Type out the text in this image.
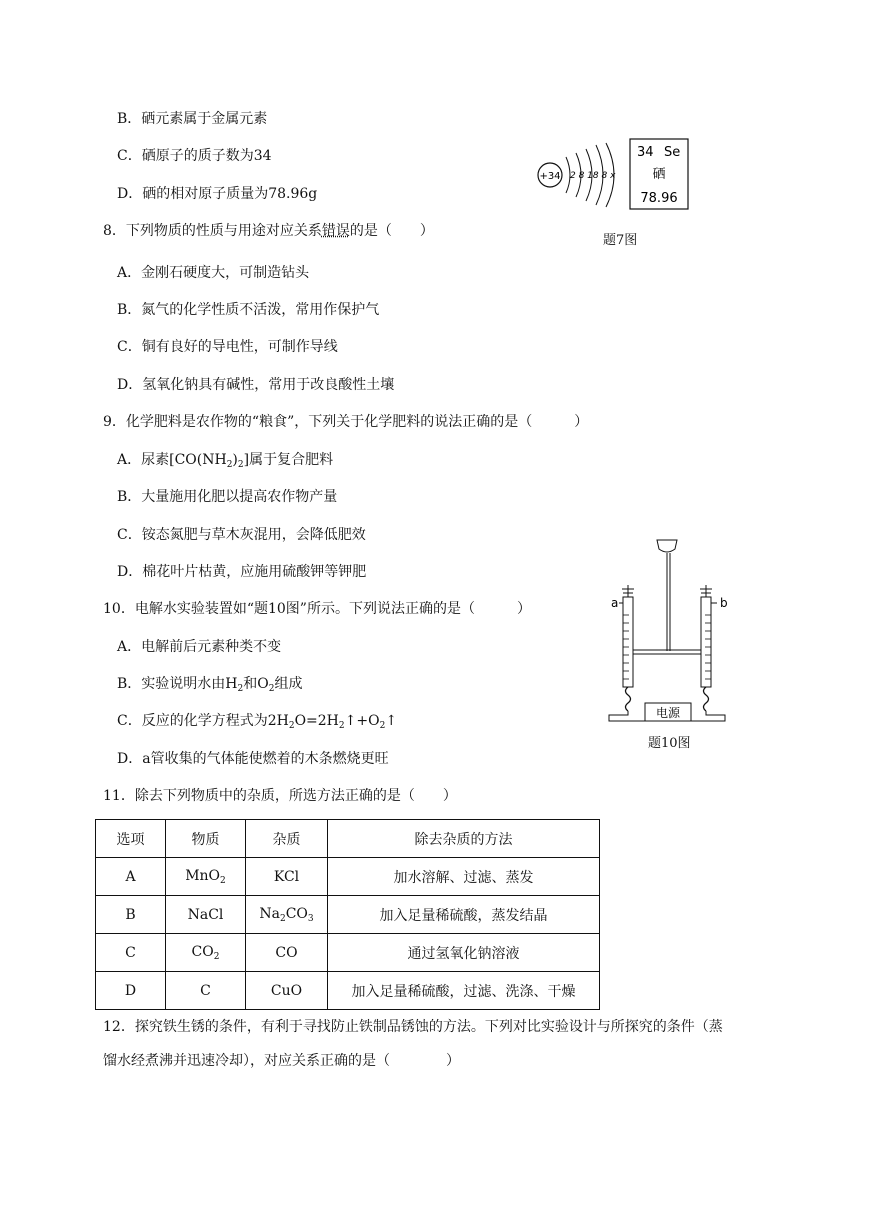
B．硒元素属于金属元素
C．硒原子的质子数为34
D．硒的相对原子质量为78.96g
+34 2 8 18 8 x
34 Se
硒
78.96
题7图
8．下列物质的性质与用途对应关系错误的是（　　）
A．金刚石硬度大，可制造钻头
B．氮气的化学性质不活泼，常用作保护气
C．铜有良好的导电性，可制作导线
D．氢氧化钠具有碱性，常用于改良酸性土壤
9．化学肥料是农作物的“粮食”，下列关于化学肥料的说法正确的是（　　　）
A．尿素$[CO(NH_2)_2]$属于复合肥料
B．大量施用化肥以提高农作物产量
C．铵态氮肥与草木灰混用，会降低肥效
D．棉花叶片枯黄，应施用硫酸钾等钾肥
10．电解水实验装置如“题10图”所示。下列说法正确的是（　　　）
A．电解前后元素种类不变
B．实验说明水由$H_2$和$O_2$组成
C．反应的化学方程式为$2H_2O=2H_2↑+O_2↑$
D．a管收集的气体能使燃着的木条燃烧更旺
a	b
电源
题10图
11．除去下列物质中的杂质，所选方法正确的是（　　）
选项	物质	杂质	除去杂质的方法
A	MnO$_2$	KCl	加水溶解、过滤、蒸发
B	NaCl	$Na_2CO_3$	加入足量稀硫酸，蒸发结晶
C	$CO_2$	CO	通过氢氧化钠溶液
D	C	CuO	加入足量稀硫酸，过滤、洗涤、干燥
12．探究铁生锈的条件，有利于寻找防止铁制品锈蚀的方法。下列对比实验设计与所探究的条件（蒸
馏水经煮沸并迅速冷却），对应关系正确的是（　　　　）
